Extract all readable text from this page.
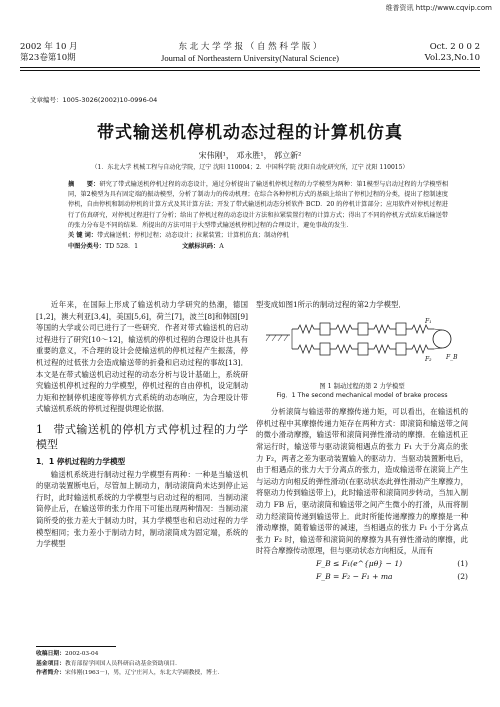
维普资讯 http://www.cqvip.com
2002 年 10 月
第23卷第10期
东 北 大 学 学 报 （ 自 然 科 学 版 ）
Journal of Northeastern University(Natural Science)
Oct. 2 0 0 2
Vol.23,No.10
文章编号：1005-3026(2002)10-0996-04
带式输送机停机动态过程的计算机仿真
宋伟刚¹， 邓永胜¹， 郭立新²
（1．东北大学 机械工程与自动化学院，辽宁 沈阳 110004；2．中国科学院 沈阳自动化研究所，辽宁 沈阳 110015）
摘　　要：研究了带式输送机停机过程的动态设计，通过分析提出了输送机停机过程的力学模型为两种：第1模型与启动过程的力学模型相同，第2模型为具有固定端的振动模型，分析了制动力的传动机理；在综合各种停机方式的基础上给出了停机过程的分类，提出了控制速度停机，自由停机和制动停机的计算方式及其计算方法；开发了带式输送机动态分析软件 BCD．20 的停机计算部分；应用软件对停机过程进行了仿真研究，对停机过程进行了分析；给出了停机过程的动态设计方法和拉紧装置行程的计算方式；得出了不同的停机方式结束后输送带的张力分布是不同的结果．所提出的方法可用于大型带式输送机停机过程的合理设计，避免事故的发生．
关 键 词：带式输送机；停机过程；动态设计；拉紧装置；计算机仿真；制动停机
中图分类号：TD 528．1	文献标识码：A

近年来，在国际上形成了输送机动力学研究的热潮，德国[1,2]，澳大利亚[3,4]，美国[5,6]，荷兰[7]，波兰[8]和韩国[9]等国的大学或公司已进行了一些研究．作者对带式输送机的启动过程进行了研究[10～12]，输送机的停机过程的合理设计也具有重要的意义，不合理的设计会使输送机的停机过程产生振荡，停机过程的过低张力会造成输送带的折叠和启动过程的事故[13]．本文是在带式输送机启动过程的动态分析与设计基础上，系统研究输送机停机过程的力学模型，停机过程的自由停机，设定制动力矩和控制停机速度等停机方式系统的动态响应，为合理设计带式输送机系统的停机过程提供理论依据．

1 带式输送机的停机方式停机过程的力学模型
1．1 停机过程的力学模型

输送机系统进行制动过程力学模型有两种：一种是当输送机的驱动装置断电后，尽管加上制动力，制动滚筒尚未达到停止运行时，此时输送机系统的力学模型与启动过程的相同．当制动滚筒停止后，在输送带的张力作用下可能出现两种情况：当制动滚筒所受的张力差大于制动力时，其力学模型也和启动过程的力学模型相同；张力差小于制动力时，制动滚筒成为固定端，系统的力学模型

型变成如图1所示的制动过程的第2力学模型．

F₁
F₂ F_B
图 1 制动过程的第 2 力学模型
Fig．1 The second mechanical model of brake process

分析滚筒与输送带的摩擦传递力矩，可以看出，在输送机的停机过程中其摩擦传递力矩存在两种方式：即滚筒和输送带之间的微小滑动摩擦，输送带和滚筒间弹性滑动的摩擦．在输送机正常运行时，输送带与驱动滚筒相遇点的张力 F₁ 大于分离点的张力 F₂，两者之差为驱动装置输入的驱动力．当驱动装置断电后，由于相遇点的张力大于分离点的张力，造成输送带在滚筒上产生与运动方向相反的弹性滑动(在驱动状态此弹性滑动产生摩擦力，将驱动力传到输送带上)，此时输送带和滚筒同步转动，当加入制动力 FB 后，驱动滚筒和输送带之间产生微小的打滑，从而将制动力经滚筒传递到输送带上．此时所能传递摩擦力的摩擦是一种滑动摩擦，随着输送带的减速，当相遇点的张力 F₁ 小于分离点张力 F₂ 时，输送带和滚筒间的摩擦为具有弹性滑动的摩擦，此时符合摩擦传动原理，但与驱动状态方向相反，从而有

F_B ≤ F₁(e^{μθ} − 1)	(1)
F_B = F₂ − F₁ + ma	(2)
收稿日期：2002-03-04
基金项目：教育部留学回国人员科研启动基金资助项目．
作者简介：宋伟刚(1963－)，男，辽宁庄河人，东北大学副教授，博士．
